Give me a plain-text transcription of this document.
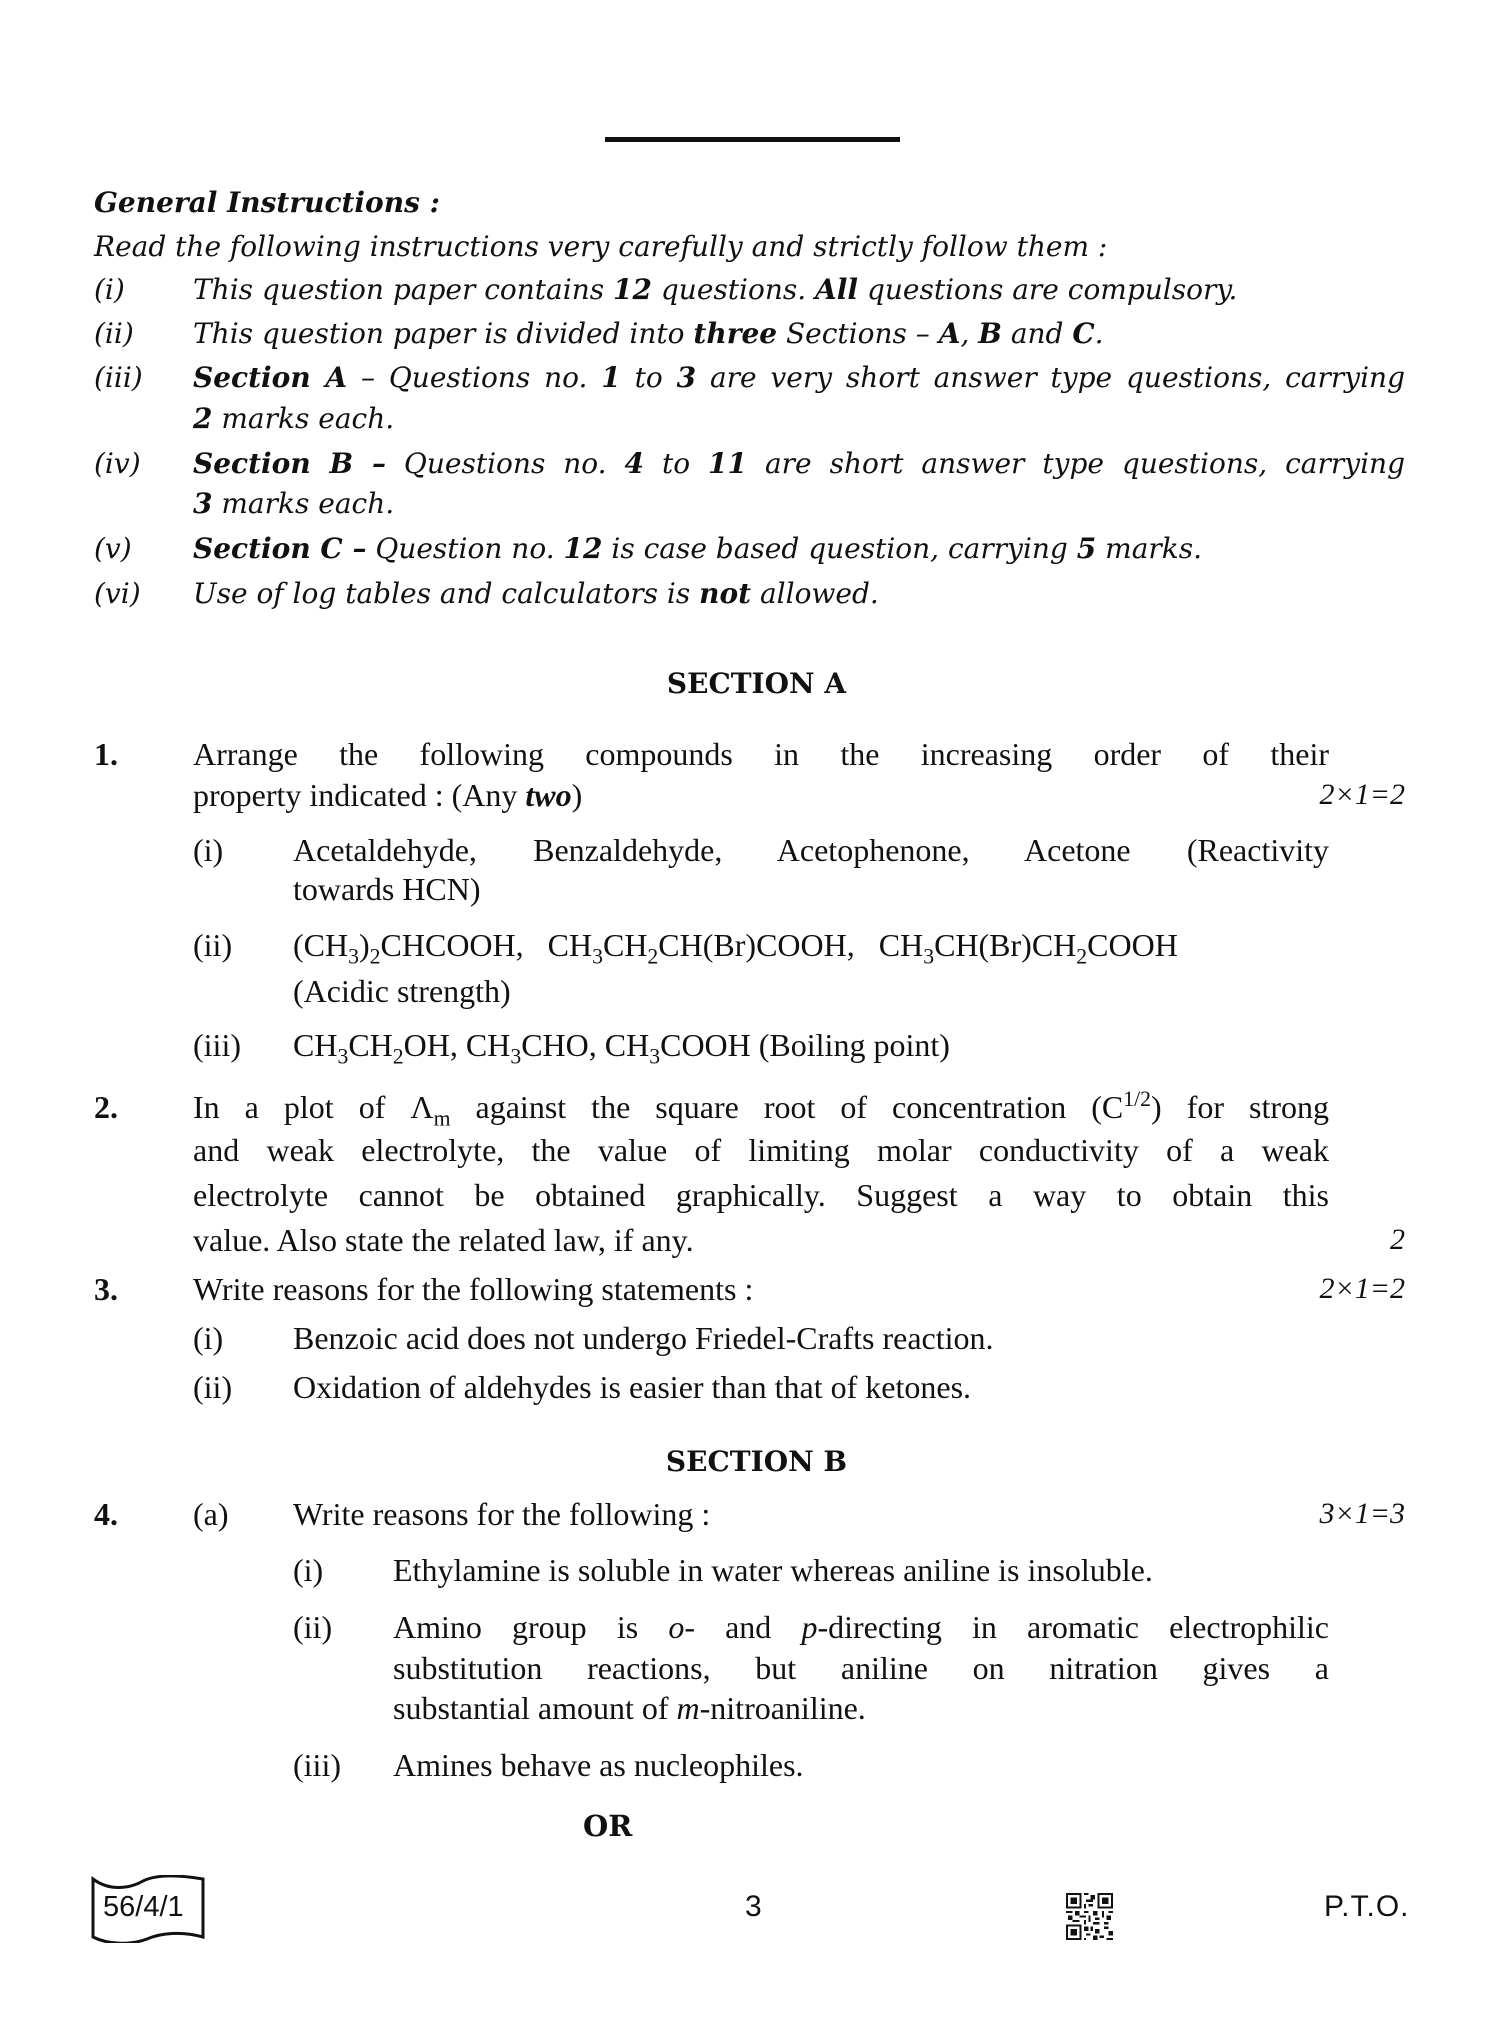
General Instructions :
Read the following instructions very carefully and strictly follow them :
(i) This question paper contains 12 questions. All questions are compulsory.
(ii) This question paper is divided into three Sections – A, B and C.
(iii) Section A – Questions no. 1 to 3 are very short answer type questions, carrying
2 marks each.
(iv) Section B – Questions no. 4 to 11 are short answer type questions, carrying
3 marks each.
(v) Section C – Question no. 12 is case based question, carrying 5 marks.
(vi) Use of log tables and calculators is not allowed.
SECTION A
1. Arrange the following compounds in the increasing order of their
property indicated : (Any two)	2×1=2
(i) Acetaldehyde, Benzaldehyde, Acetophenone, Acetone (Reactivity
towards HCN)
(ii) $(CH_3)_2CHCOOH$,   $CH_3CH_2CH(Br)COOH$,   $CH_3CH(Br)CH_2COOH$
(Acidic strength)
(iii) $CH_3CH_2OH$, $CH_3CHO$, $CH_3COOH$ (Boiling point)
2. In a plot of $\Lambda_m$ against the square root of concentration $(C^{1/2})$ for strong
and weak electrolyte, the value of limiting molar conductivity of a weak
electrolyte cannot be obtained graphically. Suggest a way to obtain this
value. Also state the related law, if any.	2
3. Write reasons for the following statements :	2×1=2
(i) Benzoic acid does not undergo Friedel-Crafts reaction.
(ii) Oxidation of aldehydes is easier than that of ketones.
SECTION B
4. (a) Write reasons for the following :	3×1=3
(i) Ethylamine is soluble in water whereas aniline is insoluble.
(ii) Amino group is o- and p-directing in aromatic electrophilic
substitution reactions, but aniline on nitration gives a
substantial amount of m-nitroaniline.
(iii) Amines behave as nucleophiles.
OR
56/4/1	3	P.T.O.
